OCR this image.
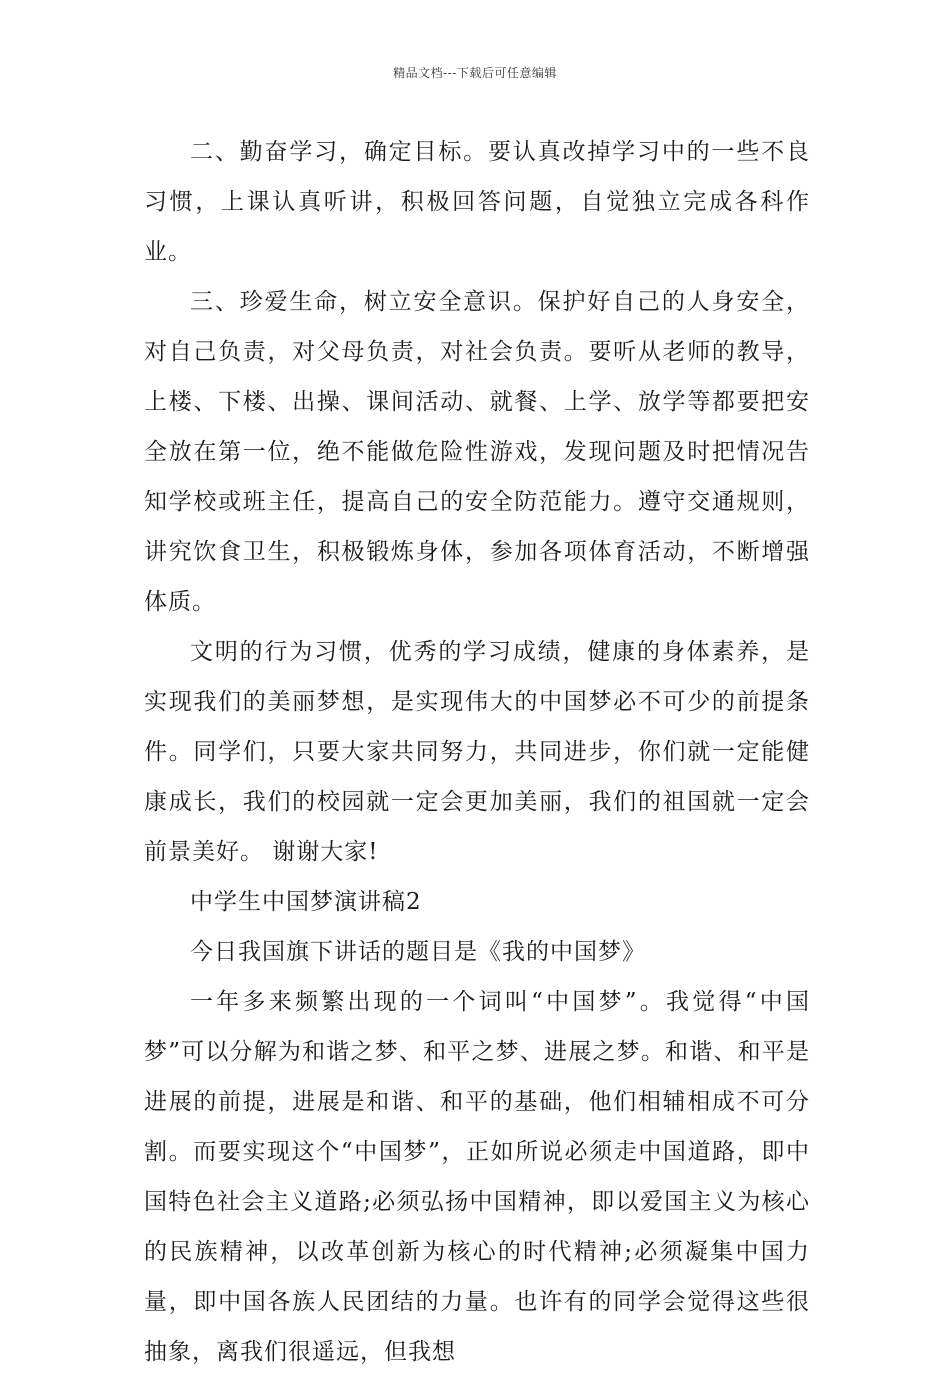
精品文档---下载后可任意编辑

二、勤奋学习，确定目标。要认真改掉学习中的一些不良习惯，上课认真听讲，积极回答问题，自觉独立完成各科作业。

三、珍爱生命，树立安全意识。保护好自己的人身安全，对自己负责，对父母负责，对社会负责。要听从老师的教导，上楼、下楼、出操、课间活动、就餐、上学、放学等都要把安全放在第一位，绝不能做危险性游戏，发现问题及时把情况告知学校或班主任，提高自己的安全防范能力。遵守交通规则，讲究饮食卫生，积极锻炼身体，参加各项体育活动，不断增强体质。

文明的行为习惯，优秀的学习成绩，健康的身体素养，是实现我们的美丽梦想，是实现伟大的中国梦必不可少的前提条件。同学们，只要大家共同努力，共同进步，你们就一定能健康成长，我们的校园就一定会更加美丽，我们的祖国就一定会前景美好。 谢谢大家!

中学生中国梦演讲稿2

今日我国旗下讲话的题目是《我的中国梦》

一年多来频繁出现的一个词叫“中国梦”。我觉得“中国梦”可以分解为和谐之梦、和平之梦、进展之梦。和谐、和平是进展的前提，进展是和谐、和平的基础，他们相辅相成不可分割。而要实现这个“中国梦”，正如所说必须走中国道路，即中国特色社会主义道路;必须弘扬中国精神，即以爱国主义为核心的民族精神，以改革创新为核心的时代精神;必须凝集中国力量，即中国各族人民团结的力量。也许有的同学会觉得这些很抽象，离我们很遥远，但我想
